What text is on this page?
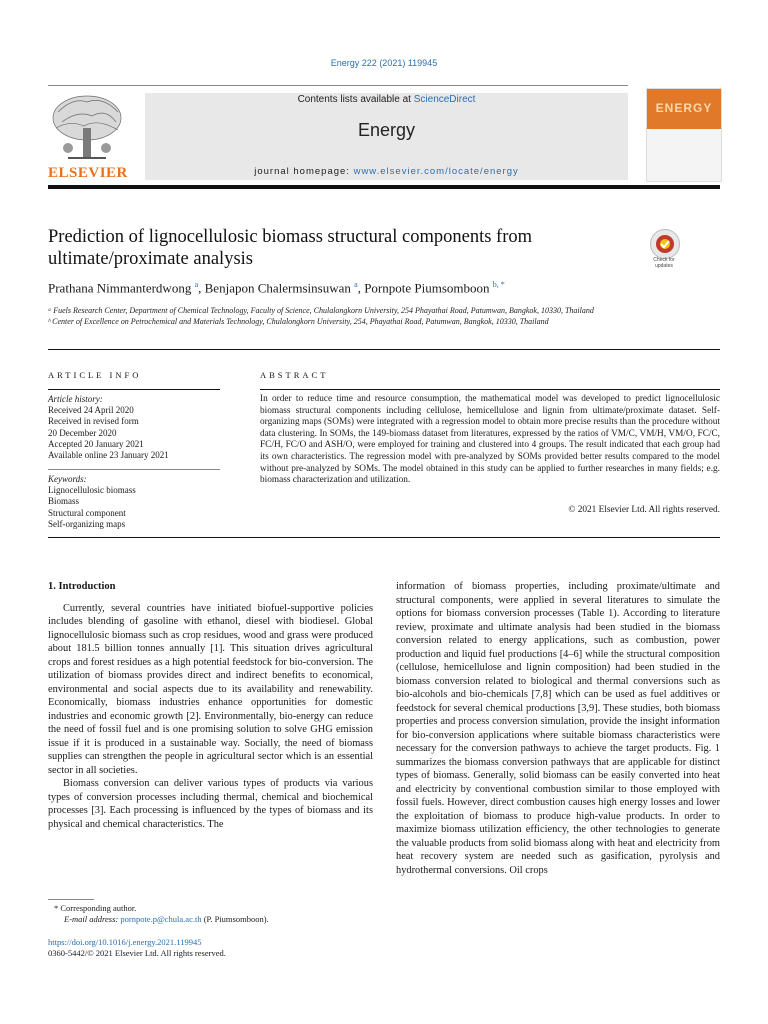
Energy 222 (2021) 119945
ELSEVIER
Contents lists available at ScienceDirect
Energy
journal homepage: www.elsevier.com/locate/energy
ENERGY
Prediction of lignocellulosic biomass structural components from ultimate/proximate analysis	Check for updates
Prathana Nimmanterdwong $^a$, Benjapon Chalermsinsuwan $^a$, Pornpote Piumsomboon $^{b, *}$
ᵃ Fuels Research Center, Department of Chemical Technology, Faculty of Science, Chulalongkorn University, 254 Phayathai Road, Patumwan, Bangkok, 10330, Thailand
ᵇ Center of Excellence on Petrochemical and Materials Technology, Chulalongkorn University, 254, Phayathai Road, Patumwan, Bangkok, 10330, Thailand
ARTICLE INFO	ABSTRACT
Article history:
Received 24 April 2020
Received in revised form
20 December 2020
Accepted 20 January 2021
Available online 23 January 2021
Keywords:
Lignocellulosic biomass
Biomass
Structural component
Self-organizing maps
In order to reduce time and resource consumption, the mathematical model was developed to predict lignocellulosic biomass structural components including cellulose, hemicellulose and lignin from ultimate/proximate dataset. Self-organizing maps (SOMs) were integrated with a regression model to obtain more precise results than the procedure without data clustering. In SOMs, the 149-biomass dataset from literatures, expressed by the ratios of VM/C, VM/H, VM/O, FC/C, FC/H, FC/O and ASH/O, were employed for training and clustered into 4 groups. The result indicated that each group had its own characteristics. The regression model with pre-analyzed by SOMs provided better results compared to the model without pre-analyzed by SOMs. The model obtained in this study can be applied to further researches in many fields; e.g. biomass characterization and utilization.
© 2021 Elsevier Ltd. All rights reserved.
1. Introduction

Currently, several countries have initiated biofuel-supportive policies includes blending of gasoline with ethanol, diesel with biodiesel. Global lignocellulosic biomass such as crop residues, wood and grass were produced about 181.5 billion tonnes annually [1]. This situation drives agricultural crops and forest residues as a high potential feedstock for bio-conversion. The utilization of biomass provides direct and indirect benefits to economical, environmental and social aspects due to its availability and renewability. Economically, biomass industries enhance opportunities for domestic industries and economic growth [2]. Environmentally, bio-energy can reduce the need of fossil fuel and is one promising solution to solve GHG emission issue if it is produced in a sustainable way. Socially, the need of biomass supplies can strengthen the people in agricultural sector which is an essential sector in all societies.

Biomass conversion can deliver various types of products via various types of conversion processes including thermal, chemical and biochemical processes [3]. Each processing is influenced by the types of biomass and its physical and chemical characteristics. The

information of biomass properties, including proximate/ultimate and structural components, were applied in several literatures to simulate the options for biomass conversion processes (Table 1). According to literature review, proximate and ultimate analysis had been studied in the biomass conversion related to energy applications, such as combustion, power production and liquid fuel productions [4–6] while the structural composition (cellulose, hemicellulose and lignin composition) had been studied in the biomass conversion related to biological and thermal conversions such as bio-alcohols and bio-chemicals [7,8] which can be used as fuel additives or feedstock for several chemical productions [3,9]. These studies, both biomass properties and process conversion simulation, provide the insight information for bio-conversion applications where suitable biomass characteristics were necessary for the conversion pathways to achieve the target products. Fig. 1 summarizes the biomass conversion pathways that are applicable for distinct types of biomass. Generally, solid biomass can be easily converted into heat and electricity by conventional combustion similar to those employed with fossil fuels. However, direct combustion causes high energy losses and lower the exploitation of biomass to produce high-value products. In order to maximize biomass utilization efficiency, the other technologies to generate the valuable products from solid biomass along with heat and electricity from heat recovery system are needed such as gasification, pyrolysis and hydrothermal conversions. Oil crops

* Corresponding author.
E-mail address: pornpote.p@chula.ac.th (P. Piumsomboon).
https://doi.org/10.1016/j.energy.2021.119945
0360-5442/© 2021 Elsevier Ltd. All rights reserved.
